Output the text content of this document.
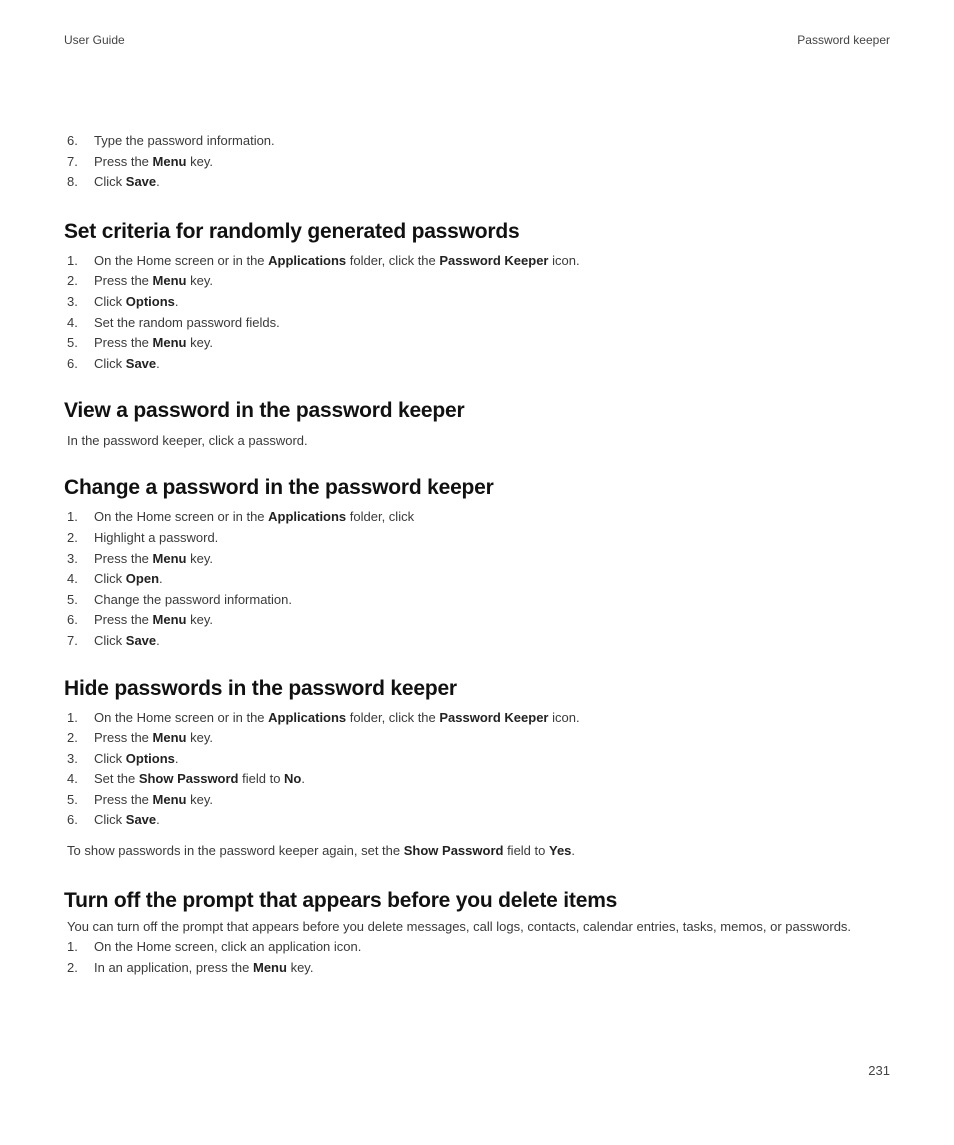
User Guide	Password keeper
6.	Type the password information.
7.	Press the Menu key.
8.	Click Save.
Set criteria for randomly generated passwords
1.	On the Home screen or in the Applications folder, click the Password Keeper icon.
2.	Press the Menu key.
3.	Click Options.
4.	Set the random password fields.
5.	Press the Menu key.
6.	Click Save.
View a password in the password keeper

In the password keeper, click a password.

Change a password in the password keeper
1.	On the Home screen or in the Applications folder, click
2.	Highlight a password.
3.	Press the Menu key.
4.	Click Open.
5.	Change the password information.
6.	Press the Menu key.
7.	Click Save.
Hide passwords in the password keeper
1.	On the Home screen or in the Applications folder, click the Password Keeper icon.
2.	Press the Menu key.
3.	Click Options.
4.	Set the Show Password field to No.
5.	Press the Menu key.
6.	Click Save.

To show passwords in the password keeper again, set the Show Password field to Yes.

Turn off the prompt that appears before you delete items

You can turn off the prompt that appears before you delete messages, call logs, contacts, calendar entries, tasks, memos, or passwords.

1.	On the Home screen, click an application icon.
2.	In an application, press the Menu key.
231
